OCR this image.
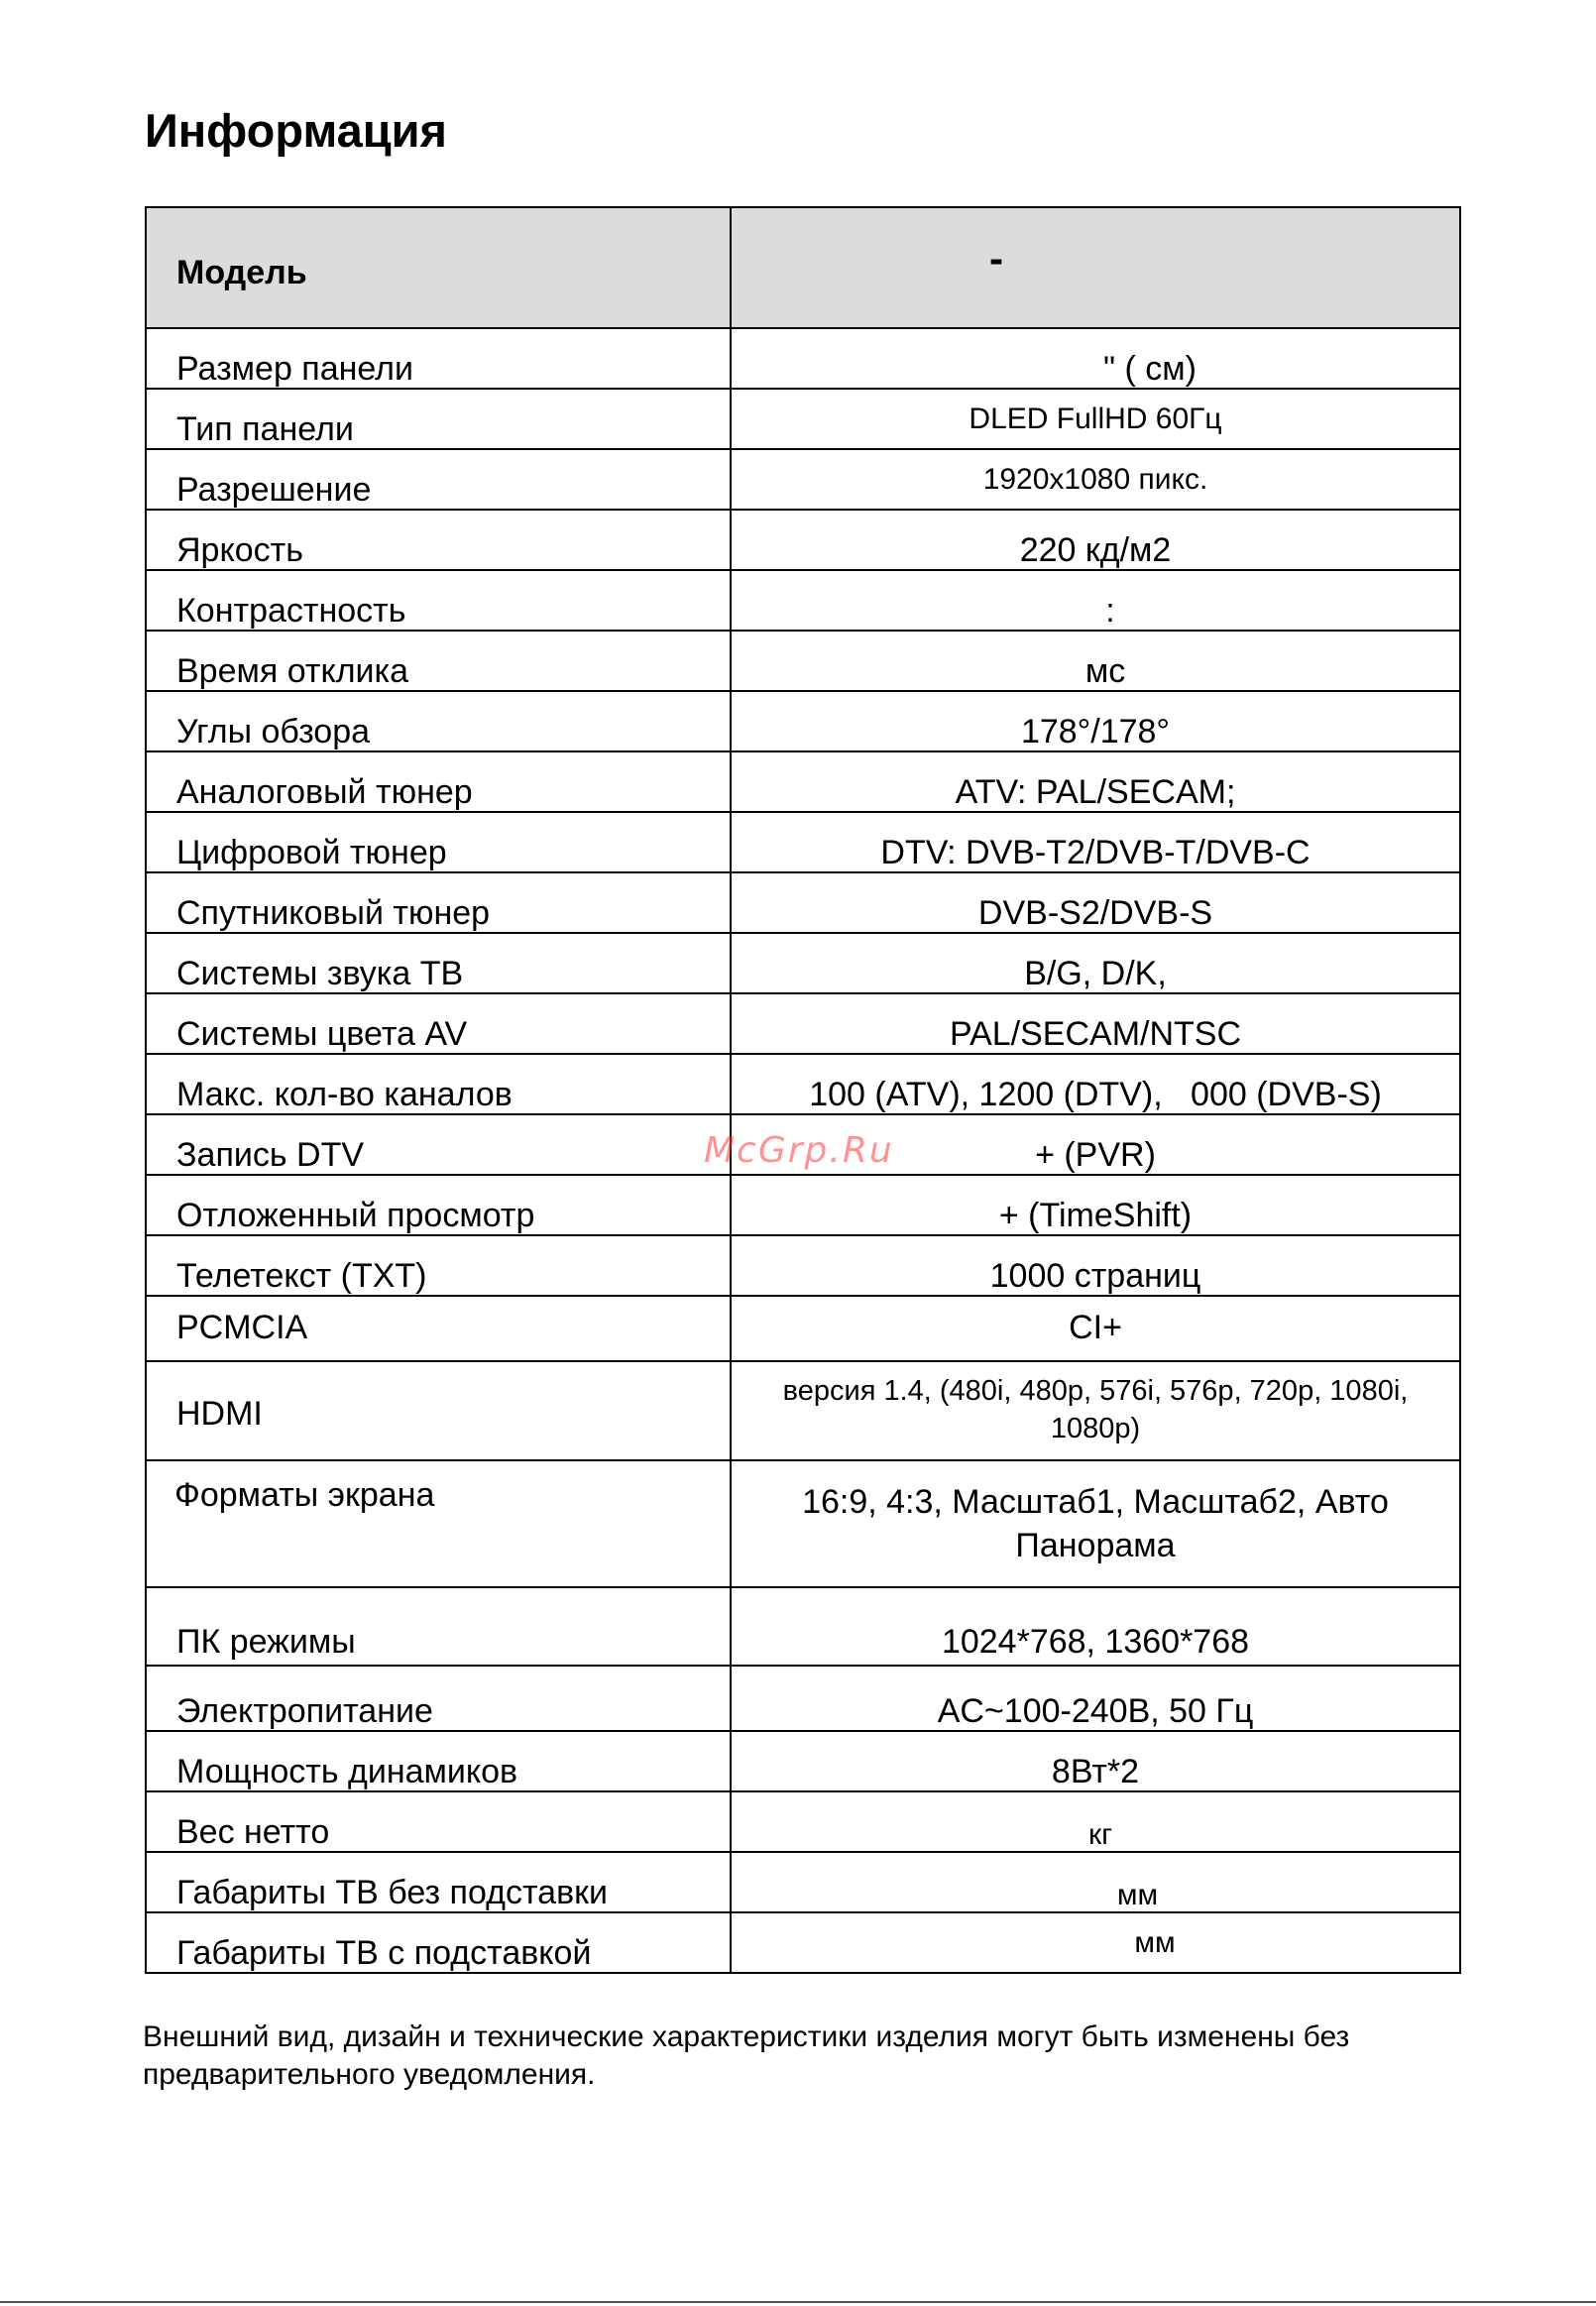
Информация
Модель	-
Размер панели	" ( см)
Тип панели	DLED FullHD 60Гц
Разрешение	1920x1080 пикс.
Яркость	220 кд/м2
Контрастность	:
Время отклика	мс
Углы обзора	178°/178°
Аналоговый тюнер	ATV: PAL/SECAM;
Цифровой тюнер	DTV: DVB-T2/DVB-T/DVB-C
Спутниковый тюнер	DVB-S2/DVB-S
Системы звука ТВ	B/G, D/K,
Системы цвета AV	PAL/SECAM/NTSC
Макс. кол-во каналов	100 (ATV), 1200 (DTV),   000 (DVB-S)
Запись DTV	+ (PVR)
Отложенный просмотр	+ (TimeShift)
Телетекст (TXT)	1000 страниц
PCMCIA	CI+
HDMI	версия 1.4, (480i, 480p, 576i, 576p, 720p, 1080i, 1080p)
Форматы экрана	16:9, 4:3, Масштаб1, Масштаб2, Авто Панорама
ПК режимы	1024*768, 1360*768
Электропитание	AC~100-240В, 50 Гц
Мощность динамиков	8Вт*2
Вес нетто	кг
Габариты ТВ без подставки	мм
Габариты ТВ с подставкой	мм
McGrp.Ru

Внешний вид, дизайн и технические характеристики изделия могут быть изменены без предварительного уведомления.
